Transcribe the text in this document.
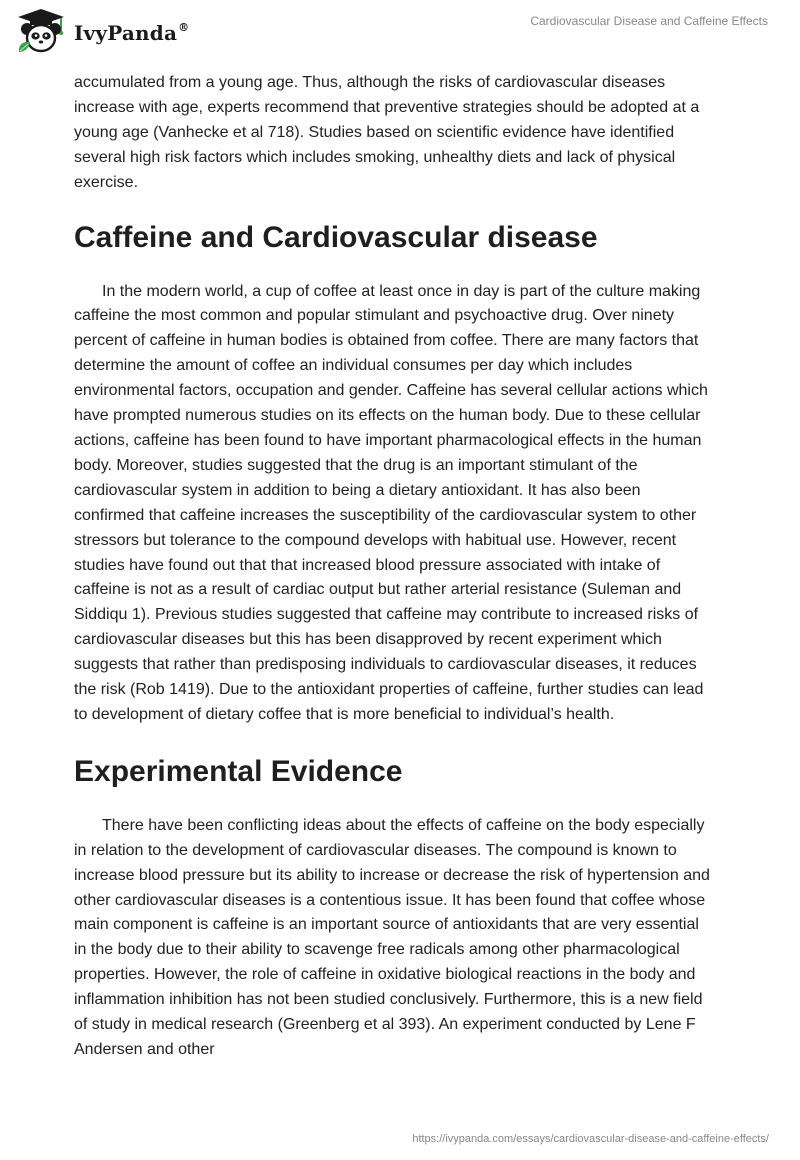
IvyPanda®	Cardiovascular Disease and Caffeine Effects

accumulated from a young age. Thus, although the risks of cardiovascular diseases increase with age, experts recommend that preventive strategies should be adopted at a young age (Vanhecke et al 718). Studies based on scientific evidence have identified several high risk factors which includes smoking, unhealthy diets and lack of physical exercise.

Caffeine and Cardiovascular disease

In the modern world, a cup of coffee at least once in day is part of the culture making caffeine the most common and popular stimulant and psychoactive drug. Over ninety percent of caffeine in human bodies is obtained from coffee. There are many factors that determine the amount of coffee an individual consumes per day which includes environmental factors, occupation and gender. Caffeine has several cellular actions which have prompted numerous studies on its effects on the human body. Due to these cellular actions, caffeine has been found to have important pharmacological effects in the human body. Moreover, studies suggested that the drug is an important stimulant of the cardiovascular system in addition to being a dietary antioxidant. It has also been confirmed that caffeine increases the susceptibility of the cardiovascular system to other stressors but tolerance to the compound develops with habitual use. However, recent studies have found out that that increased blood pressure associated with intake of caffeine is not as a result of cardiac output but rather arterial resistance (Suleman and Siddiqu 1). Previous studies suggested that caffeine may contribute to increased risks of cardiovascular diseases but this has been disapproved by recent experiment which suggests that rather than predisposing individuals to cardiovascular diseases, it reduces the risk (Rob 1419). Due to the antioxidant properties of caffeine, further studies can lead to development of dietary coffee that is more beneficial to individual’s health.

Experimental Evidence

There have been conflicting ideas about the effects of caffeine on the body especially in relation to the development of cardiovascular diseases. The compound is known to increase blood pressure but its ability to increase or decrease the risk of hypertension and other cardiovascular diseases is a contentious issue. It has been found that coffee whose main component is caffeine is an important source of antioxidants that are very essential in the body due to their ability to scavenge free radicals among other pharmacological properties. However, the role of caffeine in oxidative biological reactions in the body and inflammation inhibition has not been studied conclusively. Furthermore, this is a new field of study in medical research (Greenberg et al 393). An experiment conducted by Lene F Andersen and other

https://ivypanda.com/essays/cardiovascular-disease-and-caffeine-effects/
